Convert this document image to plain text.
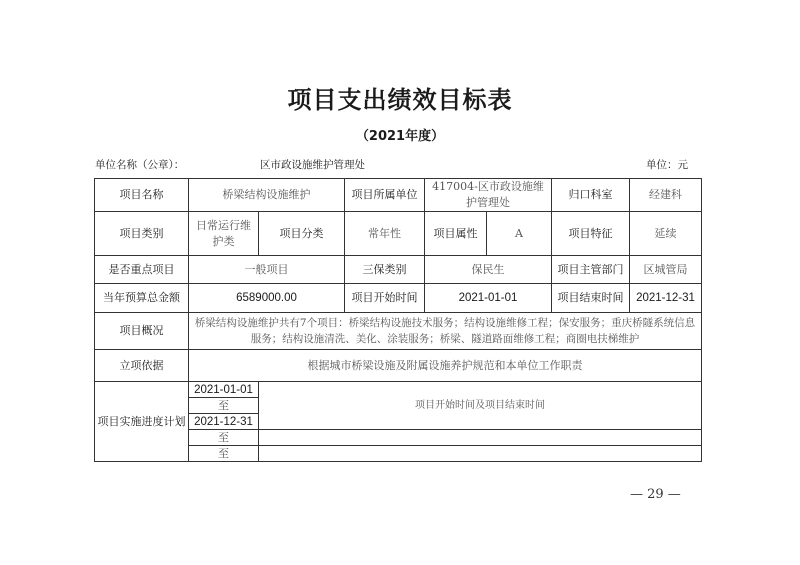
项目支出绩效目标表
（2021年度）
单位名称（公章）：	区市政设施维护管理处	单位：元
项目名称	桥梁结构设施维护		项目所属单位	417004-区市政设施维护管理处		归口科室	经建科
项目类别	日常运行维护类	项目分类	常年性	项目属性	A	项目特征	延续
是否重点项目	一般项目		三保类别	保民生		项目主管部门	区城管局
当年预算总金额	6589000.00		项目开始时间	2021-01-01		项目结束时间	2021-12-31
项目概况	桥梁结构设施维护共有7个项目：桥梁结构设施技术服务；结构设施维修工程；保安服务；重庆桥隧系统信息服务；结构设施清洗、美化、涂装服务；桥梁、隧道路面维修工程；商圈电扶梯维护						
立项依据	根据城市桥梁设施及附属设施养护规范和本单位工作职责						
项目实施进度计划	2021-01-01	项目开始时间及项目结束时间					
	至						
	2021-12-31						
	至						
	至						
— 29 —
